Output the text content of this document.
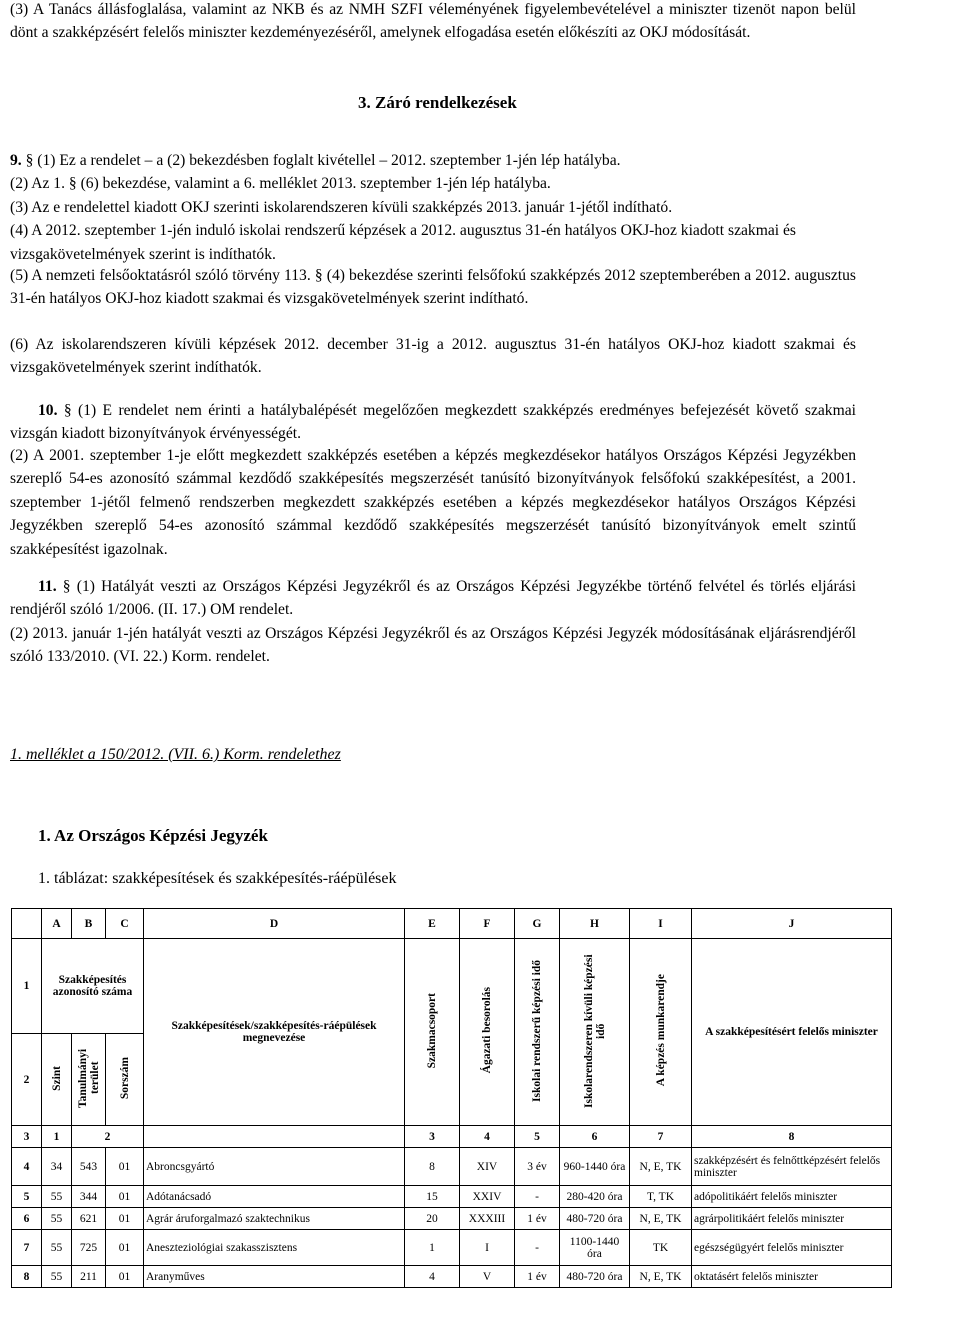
(3) A Tanács állásfoglalása, valamint az NKB és az NMH SZFI véleményének figyelembevételével a miniszter tizenöt napon belül dönt a szakképzésért felelős miniszter kezdeményezéséről, amelynek elfogadása esetén előkészíti az OKJ módosítását.
3. Záró rendelkezések
9. § (1) Ez a rendelet – a (2) bekezdésben foglalt kivétellel – 2012. szeptember 1-jén lép hatályba.
(2) Az 1. § (6) bekezdése, valamint a 6. melléklet 2013. szeptember 1-jén lép hatályba.
(3) Az e rendelettel kiadott OKJ szerinti iskolarendszeren kívüli szakképzés 2013. január 1-jétől indítható.
(4) A 2012. szeptember 1-jén induló iskolai rendszerű képzések a 2012. augusztus 31-én hatályos OKJ-hoz kiadott szakmai és vizsgakövetelmények szerint is indíthatók.
(5) A nemzeti felsőoktatásról szóló törvény 113. § (4) bekezdése szerinti felsőfokú szakképzés 2012 szeptemberében a 2012. augusztus 31-én hatályos OKJ-hoz kiadott szakmai és vizsgakövetelmények szerint indítható.
(6) Az iskolarendszeren kívüli képzések 2012. december 31-ig a 2012. augusztus 31-én hatályos OKJ-hoz kiadott szakmai és vizsgakövetelmények szerint indíthatók.
10. § (1) E rendelet nem érinti a hatálybalépését megelőzően megkezdett szakképzés eredményes befejezését követő szakmai vizsgán kiadott bizonyítványok érvényességét.
(2) A 2001. szeptember 1-je előtt megkezdett szakképzés esetében a képzés megkezdésekor hatályos Országos Képzési Jegyzékben szereplő 54-es azonosító számmal kezdődő szakképesítés megszerzését tanúsító bizonyítványok felsőfokú szakképesítést, a 2001. szeptember 1-jétől felmenő rendszerben megkezdett szakképzés esetében a képzés megkezdésekor hatályos Országos Képzési Jegyzékben szereplő 54-es azonosító számmal kezdődő szakképesítés megszerzését tanúsító bizonyítványok emelt szintű szakképesítést igazolnak.
11. § (1) Hatályát veszti az Országos Képzési Jegyzékről és az Országos Képzési Jegyzékbe történő felvétel és törlés eljárási rendjéről szóló 1/2006. (II. 17.) OM rendelet.
(2) 2013. január 1-jén hatályát veszti az Országos Képzési Jegyzékről és az Országos Képzési Jegyzék módosításának eljárásrendjéről szóló 133/2010. (VI. 22.) Korm. rendelet.
1. melléklet a 150/2012. (VII. 6.) Korm. rendelethez
1. Az Országos Képzési Jegyzék
1. táblázat: szakképesítések és szakképesítés-ráépülések
	A	B	C	D	E	F	G	H	I	J
1	Szakképesítés azonosító száma			Szakképesítések/szakképesítés-ráépülések megnevezése	Szakmacsoport	Ágazati besorolás	Iskolai rendszerű képzési idő	Iskolarendszeren kívüli képzési idő	A képzés munkarendje	A szakképesítésért felelős miniszter
2	Szint	Tanulmányi terület	Sorszám							
3	1	2			3	4	5	6	7	8
4	34	543	01	Abroncsgyártó	8	XIV	3 év	960-1440 óra	N, E, TK	szakképzésért és felnőttképzésért felelős miniszter
5	55	344	01	Adótanácsadó	15	XXIV	-	280-420 óra	T, TK	adópolitikáért felelős miniszter
6	55	621	01	Agrár áruforgalmazó szaktechnikus	20	XXXIII	1 év	480-720 óra	N, E, TK	agrárpolitikáért felelős miniszter
7	55	725	01	Aneszteziológiai szakasszisztens	1	I	-	1100-1440 óra	TK	egészségügyért felelős miniszter
8	55	211	01	Aranyműves	4	V	1 év	480-720 óra	N, E, TK	oktatásért felelős miniszter
